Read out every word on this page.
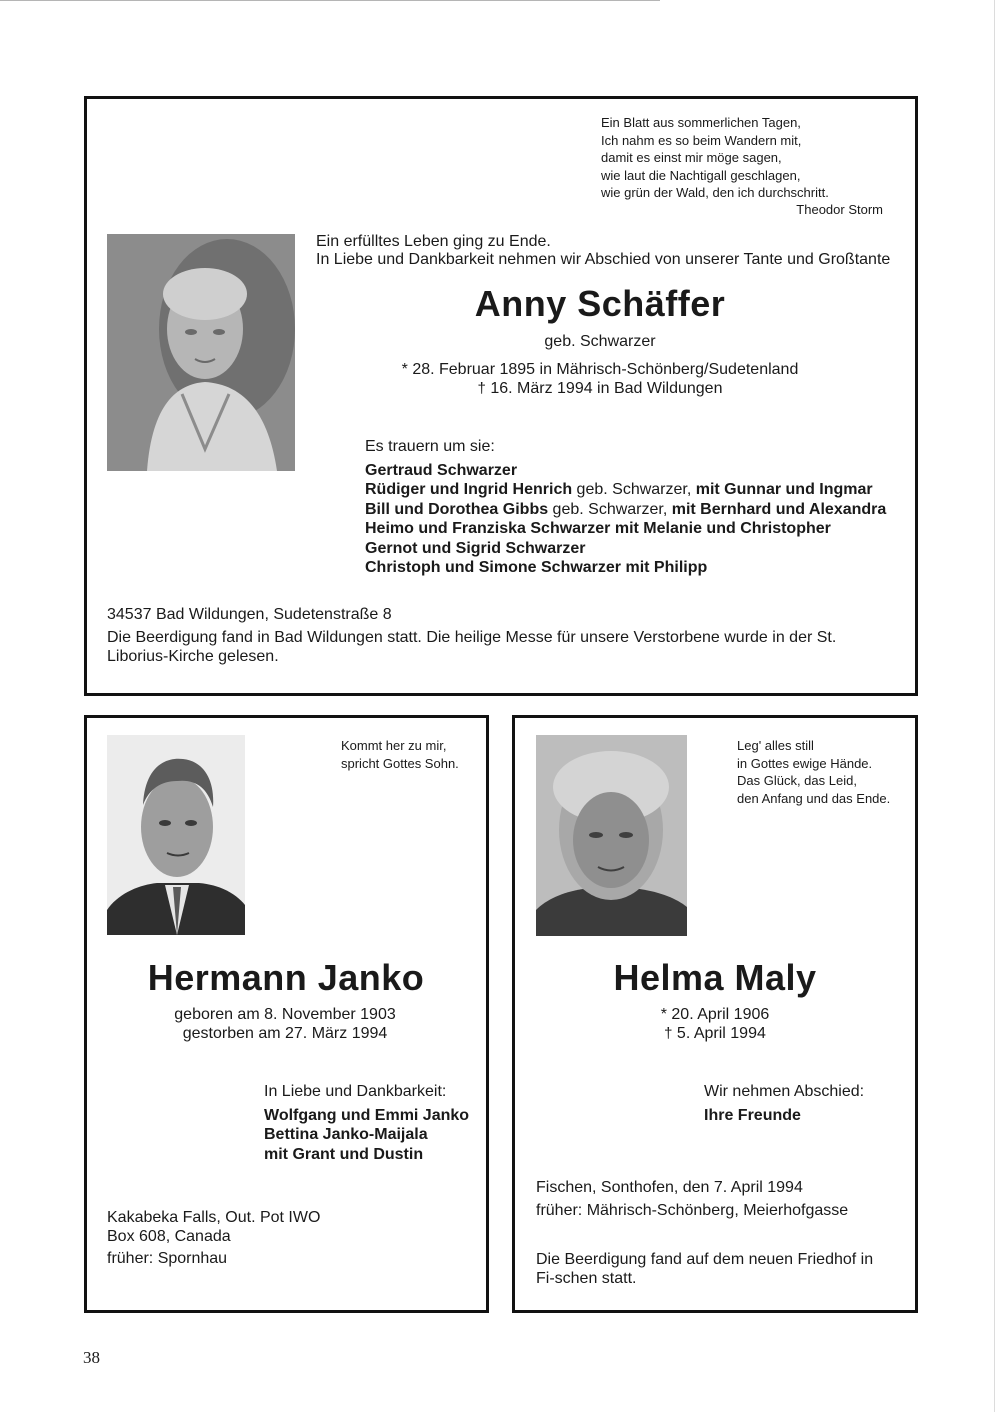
Ein Blatt aus sommerlichen Tagen,
Ich nahm es so beim Wandern mit,
damit es einst mir möge sagen,
wie laut die Nachtigall geschlagen,
wie grün der Wald, den ich durchschritt.
Theodor Storm
Ein erfülltes Leben ging zu Ende.
In Liebe und Dankbarkeit nehmen wir Abschied von unserer Tante und Großtante
Anny Schäffer
geb. Schwarzer
* 28. Februar 1895 in Mährisch-Schönberg/Sudetenland
† 16. März 1994 in Bad Wildungen
Es trauern um sie:
Gertraud Schwarzer
Rüdiger und Ingrid Henrich geb. Schwarzer, mit Gunnar und Ingmar
Bill und Dorothea Gibbs geb. Schwarzer, mit Bernhard und Alexandra
Heimo und Franziska Schwarzer mit Melanie und Christopher
Gernot und Sigrid Schwarzer
Christoph und Simone Schwarzer mit Philipp
34537 Bad Wildungen, Sudetenstraße 8
Die Beerdigung fand in Bad Wildungen statt. Die heilige Messe für unsere Verstorbene wurde in der St. Liborius-Kirche gelesen.
Kommt her zu mir,
spricht Gottes Sohn.
Hermann Janko
geboren am 8. November 1903
gestorben am 27. März 1994
In Liebe und Dankbarkeit:
Wolfgang und Emmi Janko
Bettina Janko-Maijala
mit Grant und Dustin
Kakabeka Falls, Out. Pot IWO
Box 608, Canada
früher: Spornhau
Leg' alles still
in Gottes ewige Hände.
Das Glück, das Leid,
den Anfang und das Ende.
Helma Maly
* 20. April 1906
† 5. April 1994
Wir nehmen Abschied:
Ihre Freunde
Fischen, Sonthofen, den 7. April 1994
früher: Mährisch-Schönberg, Meierhofgasse
Die Beerdigung fand auf dem neuen Friedhof in Fi-schen statt.
38
